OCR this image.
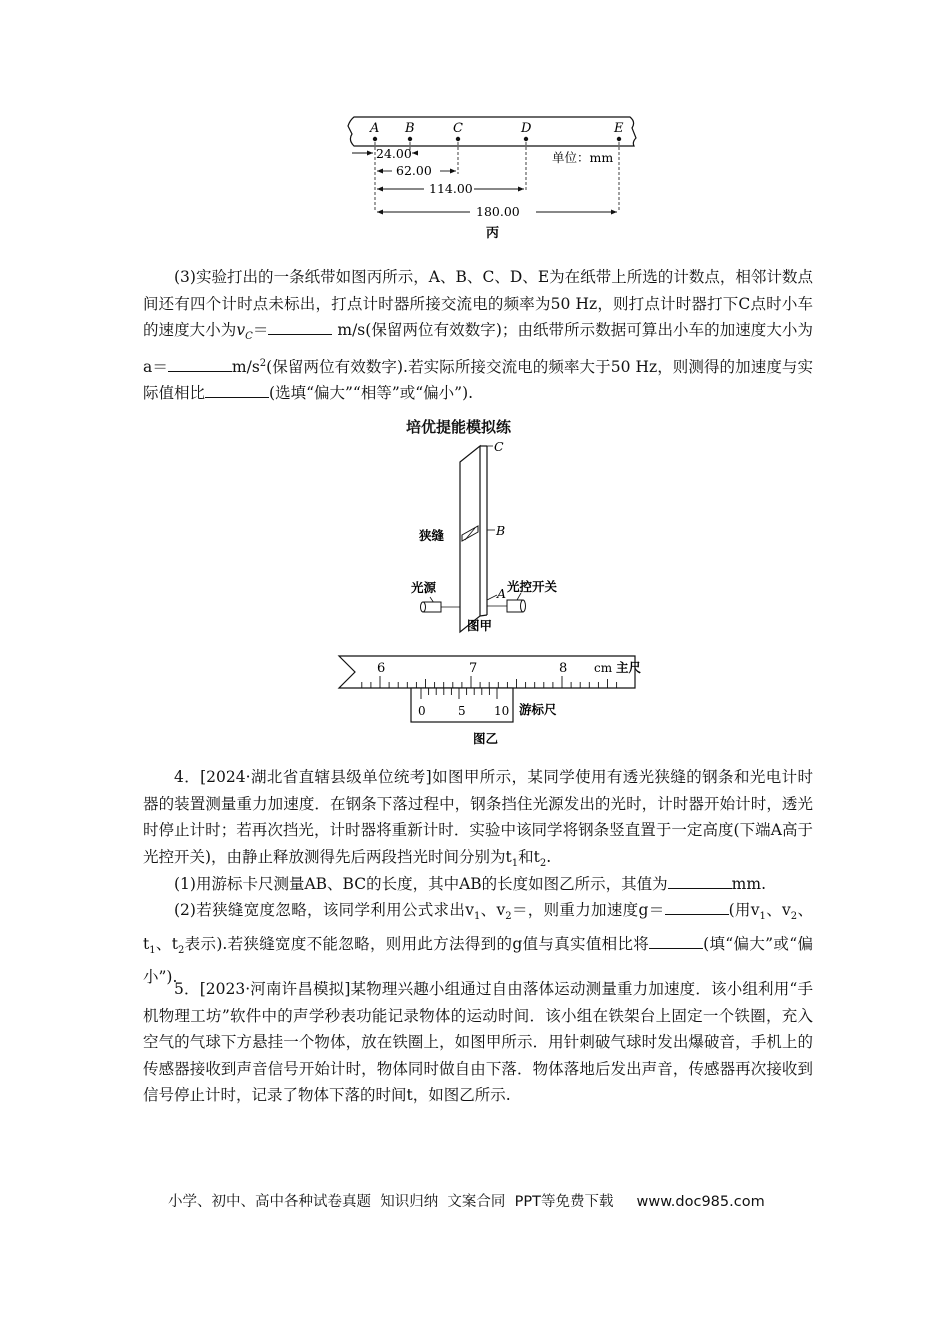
A B	C	D	E
24.00
62.00
114.00
180.00
单位：mm
丙
(3)实验打出的一条纸带如图丙所示，A、B、C、D、E为在纸带上所选的计数点，相邻计数点间还有四个计时点未标出，打点计时器所接交流电的频率为50 Hz，则打点计时器打下C点时小车的速度大小为$v_C=$	m/s(保留两位有效数字)；由纸带所示数据可算出小车的加速度大小为a＝	$m/s^2$(保留两位有效数字).若实际所接交流电的频率大于50 Hz，则测得的加速度与实际值相比	(选填“偏大”“相等”或“偏小”).
培优提能模拟练
C
B
狭缝
A
光源	光控开关
图甲
6	7	8 cm 主尺
0	5 10 游标尺
图乙
4．[2024·湖北省直辖县级单位统考]如图甲所示，某同学使用有透光狭缝的钢条和光电计时器的装置测量重力加速度．在钢条下落过程中，钢条挡住光源发出的光时，计时器开始计时，透光时停止计时；若再次挡光，计时器将重新计时．实验中该同学将钢条竖直置于一定高度(下端A高于光控开关)，由静止释放测得先后两段挡光时间分别为$t_1$和$t_2$.
(1)用游标卡尺测量AB、BC的长度，其中AB的长度如图乙所示，其值为	mm.
(2)若狭缝宽度忽略，该同学利用公式求出$v_1$、$v_2=$，则重力加速度g＝	(用$v_1$、$v_2$、$t_1$、$t_2$表示).若狭缝宽度不能忽略，则用此方法得到的g值与真实值相比将	(填“偏大”或“偏小”).
5．[2023·河南许昌模拟]某物理兴趣小组通过自由落体运动测量重力加速度．该小组利用“手机物理工坊”软件中的声学秒表功能记录物体的运动时间．该小组在铁架台上固定一个铁圈，充入空气的气球下方悬挂一个物体，放在铁圈上，如图甲所示．用针刺破气球时发出爆破音，手机上的传感器接收到声音信号开始计时，物体同时做自由下落．物体落地后发出声音，传感器再次接收到信号停止计时，记录了物体下落的时间t，如图乙所示.
小学、初中、高中各种试卷真题  知识归纳  文案合同  PPT等免费下载     www.doc985.com
